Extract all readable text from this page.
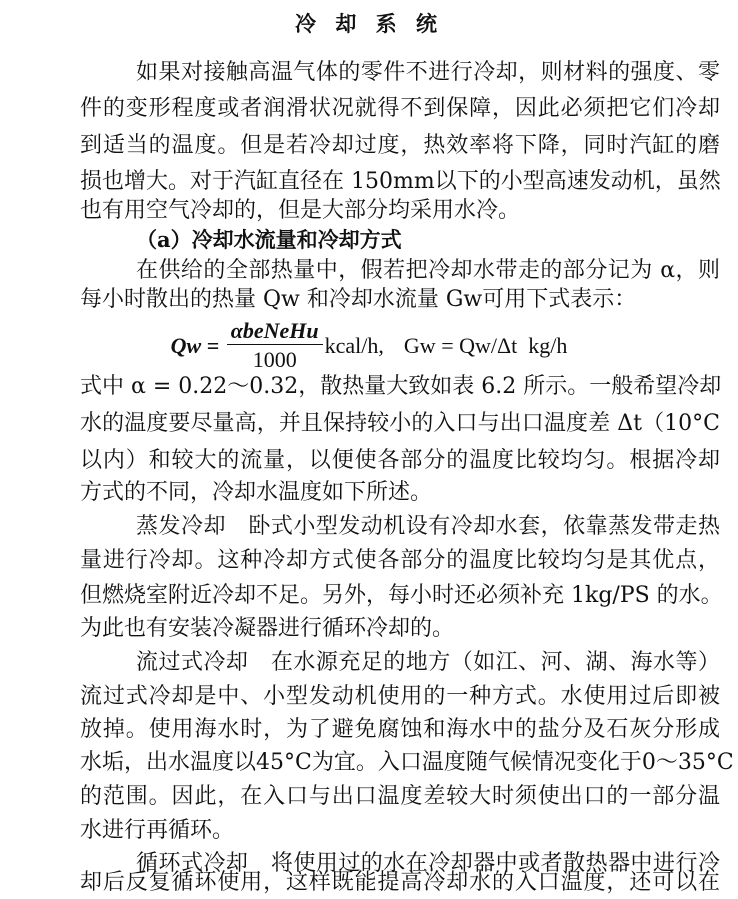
冷 却 系 统
如果对接触高温气体的零件不进行冷却，则材料的强度、零
件的变形程度或者润滑状况就得不到保障，因此必须把它们冷却
到适当的温度。但是若冷却过度，热效率将下降，同时汽缸的磨
损也增大。对于汽缸直径在 150mm以下的小型高速发动机，虽然
也有用空气冷却的，但是大部分均采用水冷。
（a）冷却水流量和冷却方式
在供给的全部热量中，假若把冷却水带走的部分记为 α，则
每小时散出的热量 Qw 和冷却水流量 Gw可用下式表示：
Qw =
$\frac{\text{αbeNeHu}}{1000}$ kcal/h, Gw = Qw/Δt  kg/h
式中 α = 0.22～0.32，散热量大致如表 6.2 所示。一般希望冷却
水的温度要尽量高，并且保持较小的入口与出口温度差 Δt（10°C
以内）和较大的流量，以便使各部分的温度比较均匀。根据冷却
方式的不同，冷却水温度如下所述。
蒸发冷却　卧式小型发动机设有冷却水套，依靠蒸发带走热
量进行冷却。这种冷却方式使各部分的温度比较均匀是其优点，
但燃烧室附近冷却不足。另外，每小时还必须补充 1kg/PS 的水。
为此也有安装冷凝器进行循环冷却的。
流过式冷却　在水源充足的地方（如江、河、湖、海水等）
流过式冷却是中、小型发动机使用的一种方式。水使用过后即被
放掉。使用海水时，为了避免腐蚀和海水中的盐分及石灰分形成
水垢，出水温度以45°C为宜。入口温度随气候情况变化于0～35°C
的范围。因此，在入口与出口温度差较大时须使出口的一部分温
水进行再循环。
循环式冷却　将使用过的水在冷却器中或者散热器中进行冷
却后反复循环使用，这样既能提高冷却水的入口温度，还可以在
